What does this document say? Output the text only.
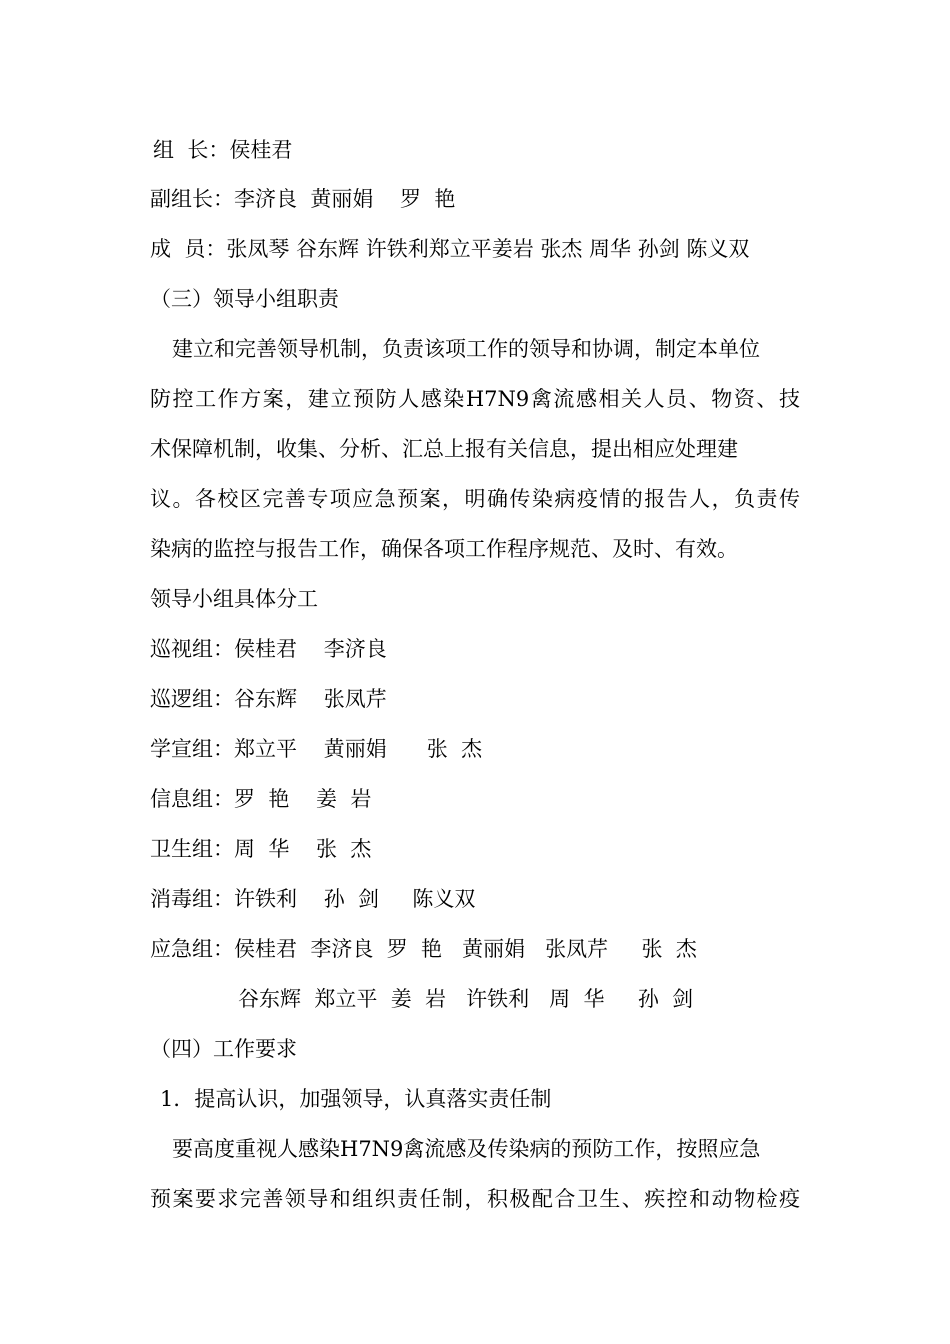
组  长：侯桂君
副组长：李济良  黄丽娟    罗  艳
成  员：张凤琴 谷东辉 许铁利郑立平姜岩 张杰 周华 孙剑 陈义双
（三）领导小组职责
建立和完善领导机制，负责该项工作的领导和协调，制定本单位
防控工作方案，建立预防人感染H7N9禽流感相关人员、物资、技
术保障机制，收集、分析、汇总上报有关信息，提出相应处理建
议。各校区完善专项应急预案，明确传染病疫情的报告人，负责传
染病的监控与报告工作，确保各项工作程序规范、及时、有效。
领导小组具体分工
巡视组：侯桂君    李济良
巡逻组：谷东辉    张凤芹
学宣组：郑立平    黄丽娟      张  杰
信息组：罗  艳    姜  岩
卫生组：周  华    张  杰
消毒组：许铁利    孙  剑     陈义双
应急组：侯桂君  李济良  罗  艳   黄丽娟   张凤芹     张  杰
谷东辉  郑立平  姜  岩   许铁利   周  华     孙  剑
（四）工作要求
1．提高认识，加强领导，认真落实责任制
要高度重视人感染H7N9禽流感及传染病的预防工作，按照应急
预案要求完善领导和组织责任制，积极配合卫生、疾控和动物检疫
